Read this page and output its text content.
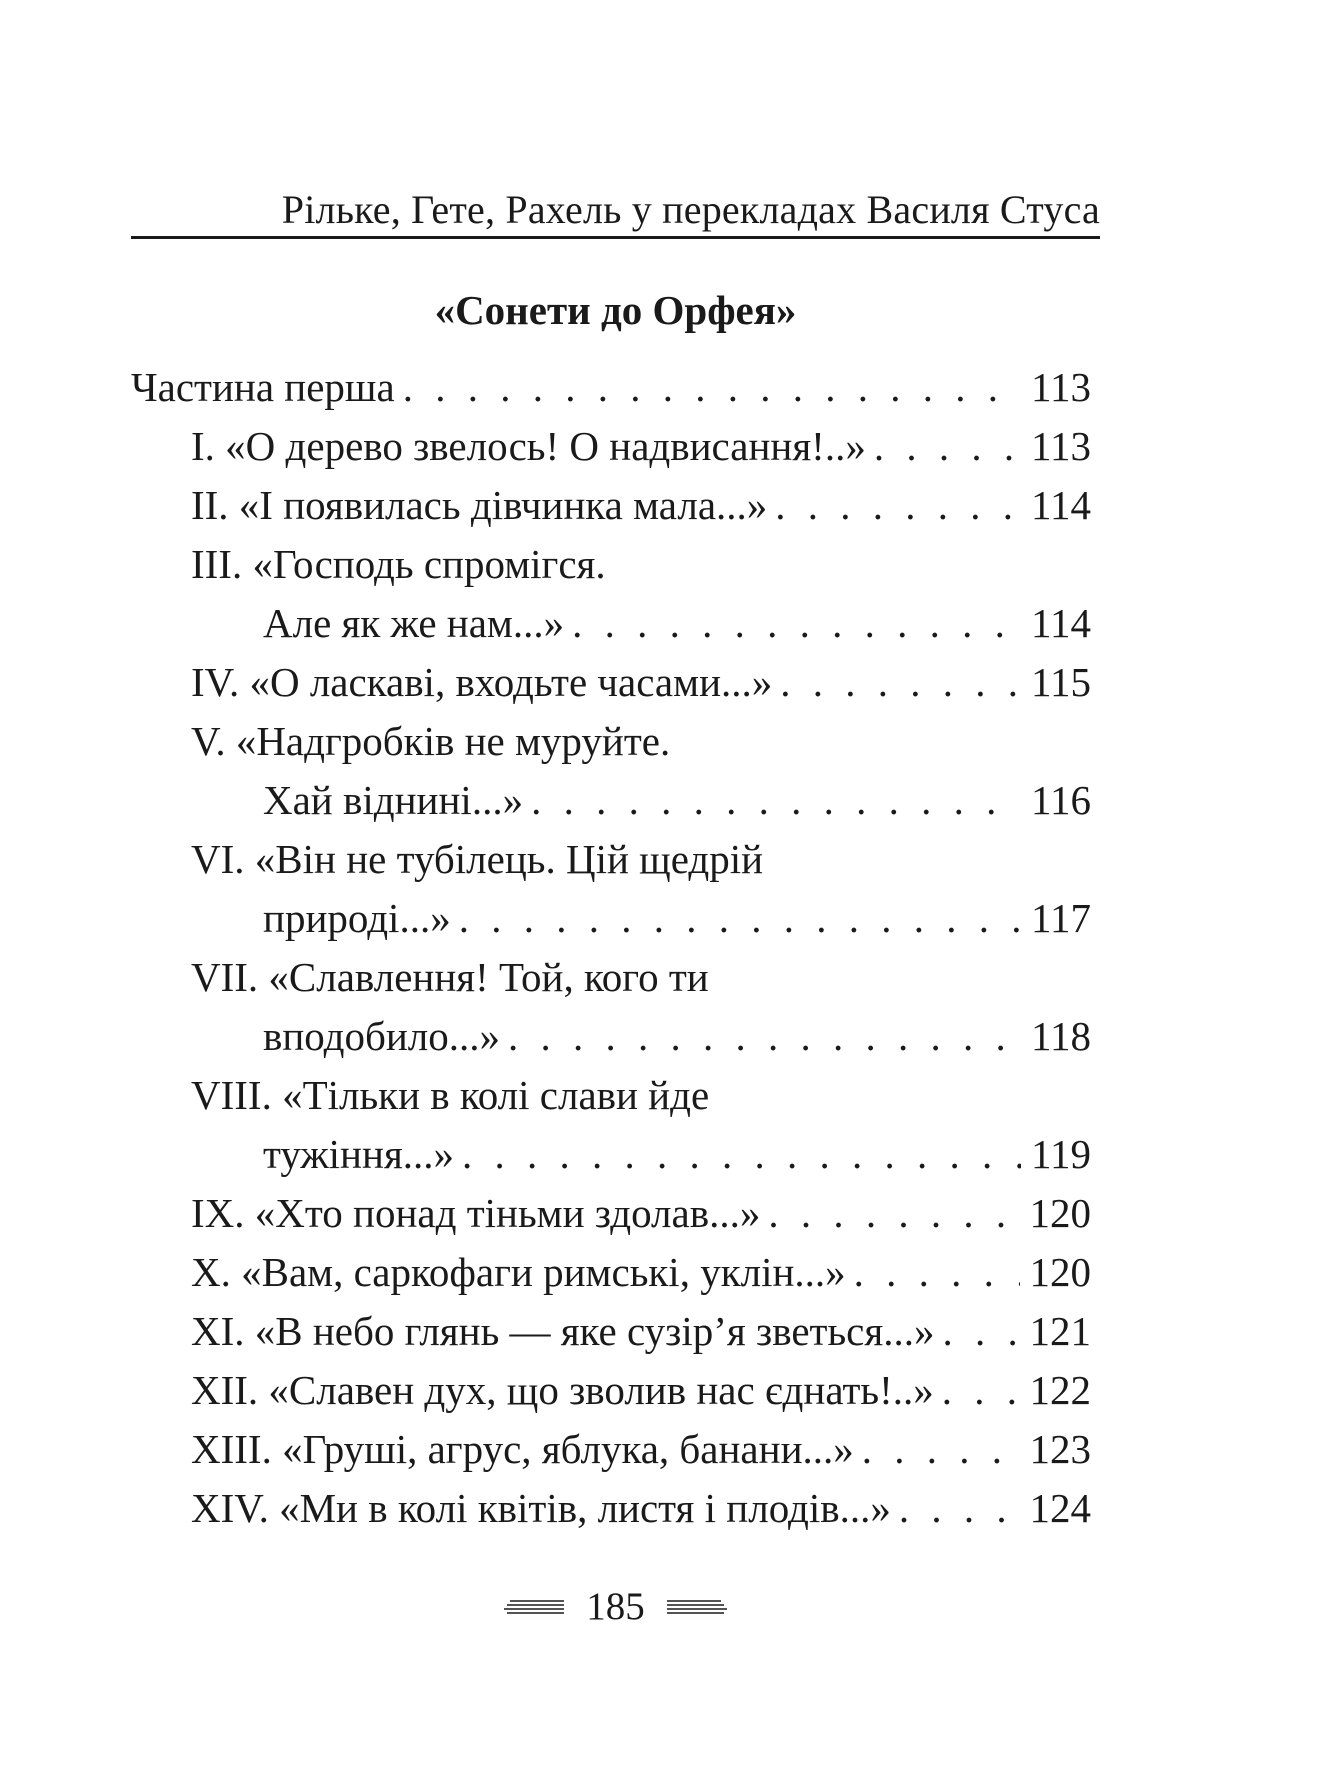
Рільке, Гете, Рахель у перекладах Василя Стуса
«Сонети до Орфея»
Частина перша . . .	113
I. «О дерево звелось! О надвисання!..» . . .	113
II. «І появилась дівчинка мала...» . . .	114
III. «Господь спромігся.
Але як же нам...» . . .	114
IV. «О ласкаві, входьте часами...» . . .	115
V. «Надгробків не муруйте.
Хай віднині...» . . .	116
VI. «Він не тубілець. Цій щедрій
природі...» . . .	117
VII. «Славлення! Той, кого ти
вподобило...» . . .	118
VIII. «Тільки в колі слави йде
тужіння...» . . .	119
IX. «Хто понад тіньми здолав...» . . .	120
X. «Вам, саркофаги римські, уклін...» . . .	120
XI. «В небо глянь — яке сузір’я зветься...» . . . 121
XII. «Славен дух, що зволив нас єднать!..» . . . 122
XIII. «Груші, агрус, яблука, банани...» . . .	123
XIV. «Ми в колі квітів, листя і плодів...» . . .	124
185
